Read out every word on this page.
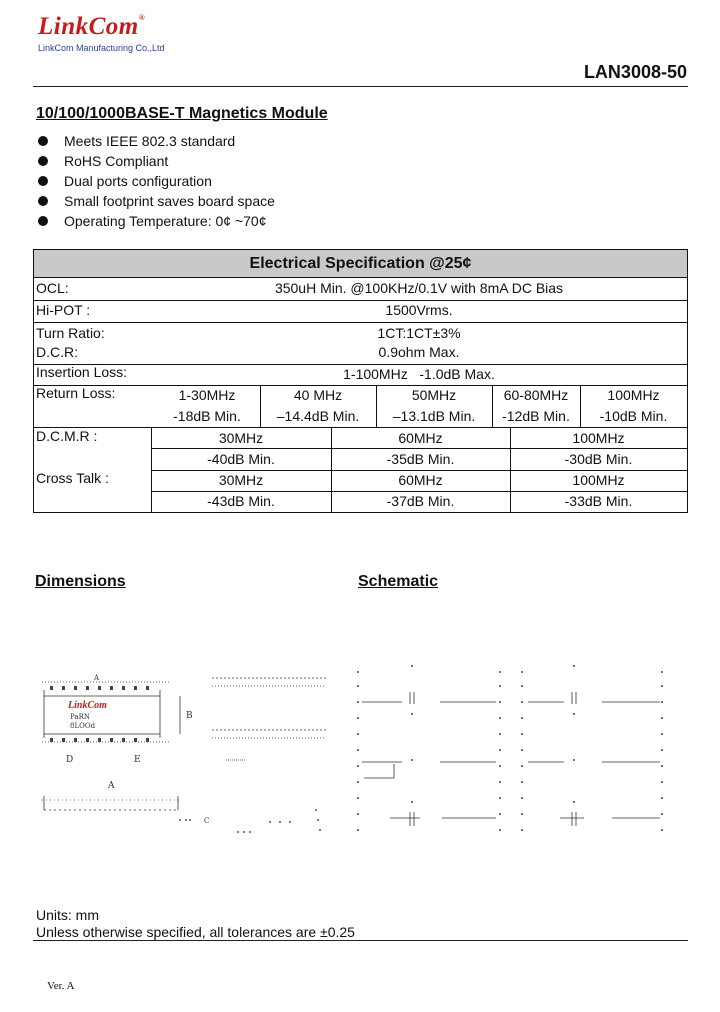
LinkCom®
LinkCom Manufacturing Co.,Ltd
LAN3008-50
10/100/1000BASE-T Magnetics Module
Meets IEEE 802.3 standard
RoHS Compliant
Dual ports configuration
Small footprint saves board space
Operating Temperature: 0¢ ~70¢
Electrical Specification @25¢
OCL:	350uH Min. @100KHz/0.1V with 8mA DC Bias
Hi-POT :	1500Vrms.
Turn Ratio:	1CT:1CT±3%
D.C.R:	0.9ohm Max.
Insertion Loss:	1-100MHz   -1.0dB Max.
Return Loss:	1-30MHz	40 MHz	50MHz	60-80MHz	100MHz
-18dB Min.	–14.4dB Min.	–13.1dB Min.	-12dB Min.	-10dB Min.
D.C.M.R :	30MHz	60MHz	100MHz
-40dB Min.	-35dB Min.	-30dB Min.
Cross Talk :	30MHz	60MHz	100MHz
-43dB Min.	-37dB Min.	-33dB Min.
Dimensions	Schematic
LinkCom
PaRN
8LOOd
A
B
D	E
A
C
Units: mm
Unless otherwise specified, all tolerances are ±0.25
Ver. A
